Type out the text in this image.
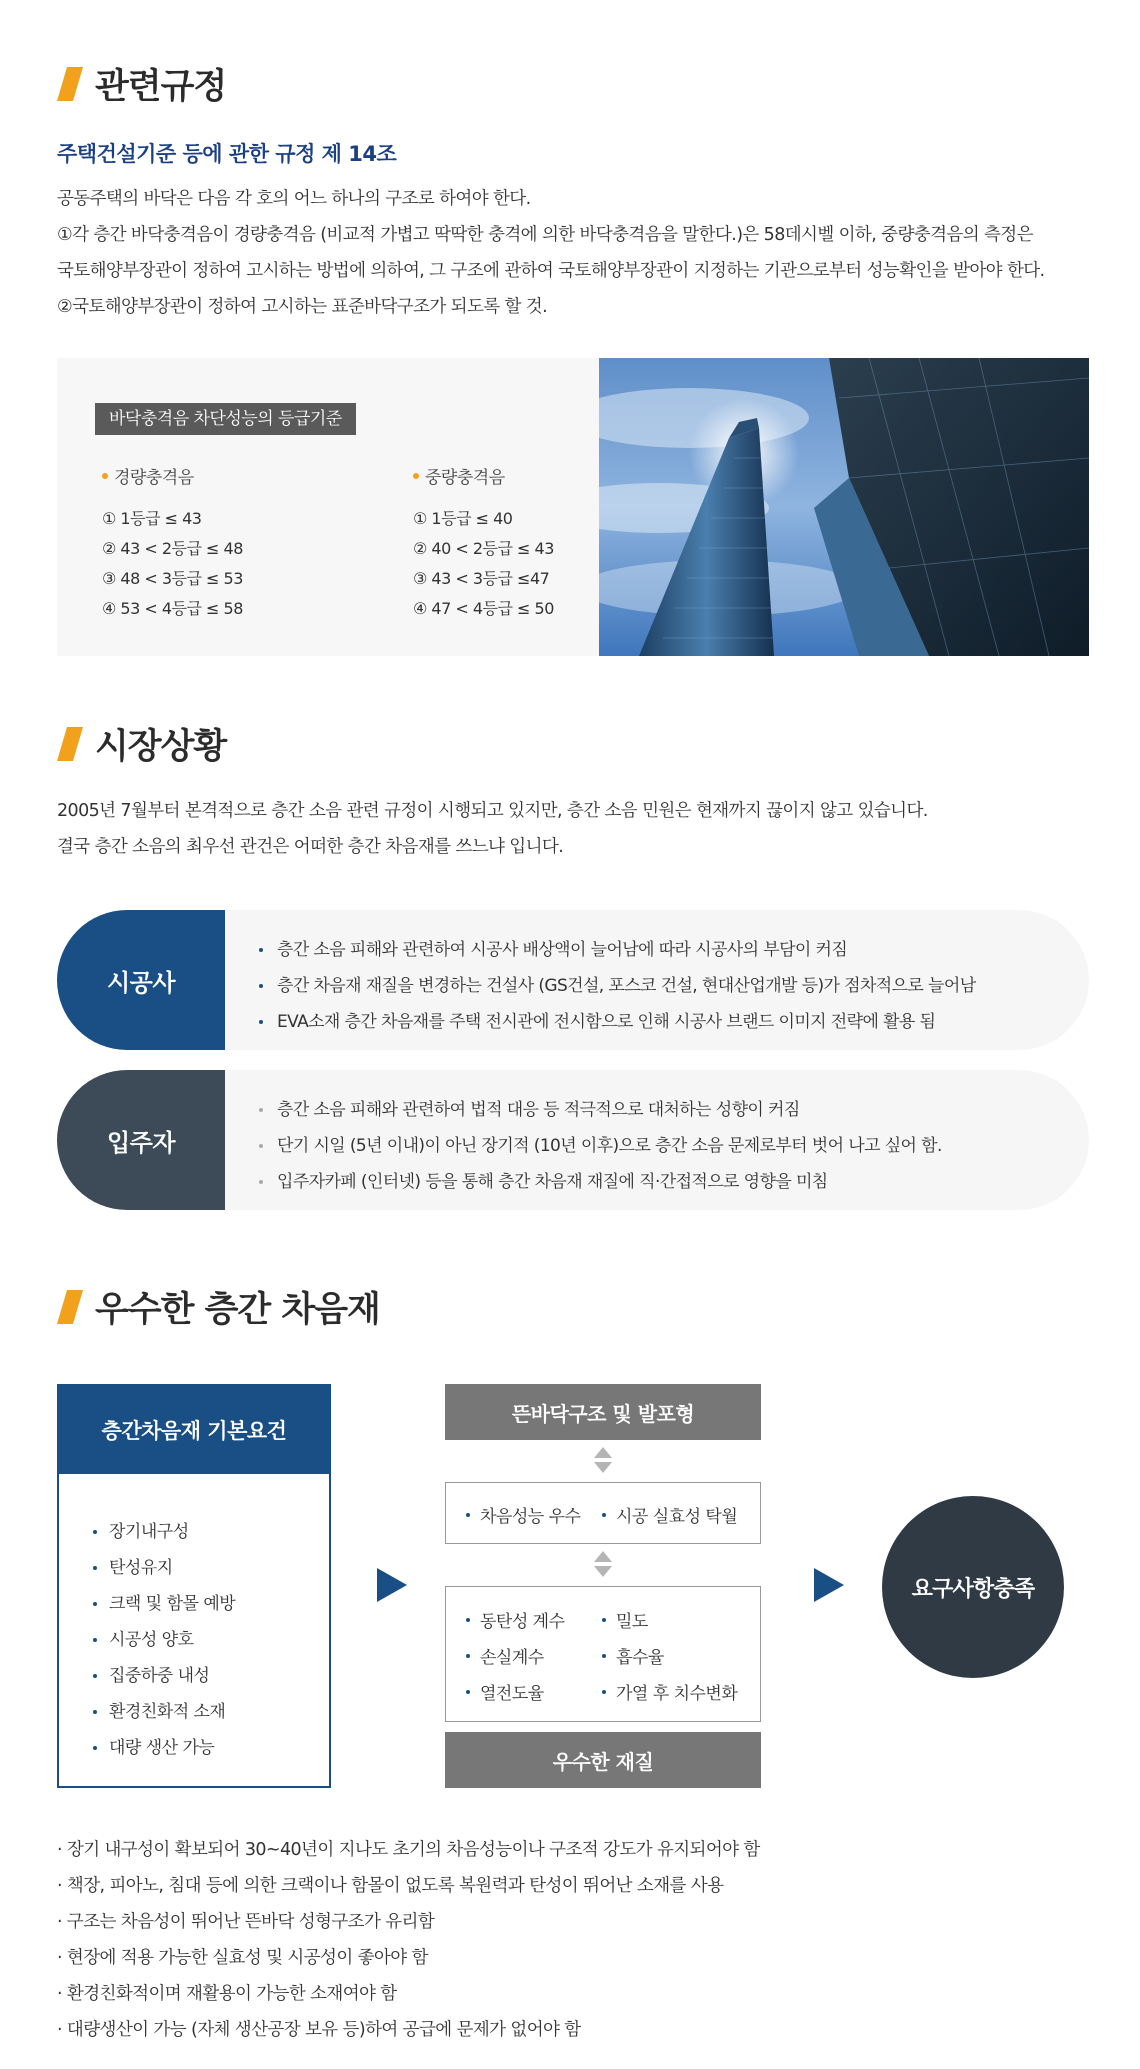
관련규정
주택건설기준 등에 관한 규정 제 14조
공동주택의 바닥은 다음 각 호의 어느 하나의 구조로 하여야 한다.
①각 층간 바닥충격음이 경량충격음 (비교적 가볍고 딱딱한 충격에 의한 바닥충격음을 말한다.)은 58데시벨 이하, 중량충격음의 측정은
국토해양부장관이 정하여 고시하는 방법에 의하여, 그 구조에 관하여 국토해양부장관이 지정하는 기관으로부터 성능확인을 받아야 한다.
②국토해양부장관이 정하여 고시하는 표준바닥구조가 되도록 할 것.
바닥충격음 차단성능의 등급기준
경량충격음
① 1등급 ≤ 43
② 43 < 2등급 ≤ 48
③ 48 < 3등급 ≤ 53
④ 53 < 4등급 ≤ 58
중량충격음
① 1등급 ≤ 40
② 40 < 2등급 ≤ 43
③ 43 < 3등급 ≤47
④ 47 < 4등급 ≤ 50
시장상황
2005년 7월부터 본격적으로 층간 소음 관련 규정이 시행되고 있지만, 층간 소음 민원은 현재까지 끊이지 않고 있습니다.
결국 층간 소음의 최우선 관건은 어떠한 층간 차음재를 쓰느냐 입니다.
시공사
층간 소음 피해와 관련하여 시공사 배상액이 늘어남에 따라 시공사의 부담이 커짐
층간 차음재 재질을 변경하는 건설사 (GS건설, 포스코 건설, 현대산업개발 등)가 점차적으로 늘어남
EVA소재 층간 차음재를 주택 전시관에 전시함으로 인해 시공사 브랜드 이미지 전략에 활용 됨
입주자
층간 소음 피해와 관련하여 법적 대응 등 적극적으로 대처하는 성향이 커짐
단기 시일 (5년 이내)이 아닌 장기적 (10년 이후)으로 층간 소음 문제로부터 벗어 나고 싶어 함.
입주자카페 (인터넷) 등을 통해 층간 차음재 재질에 직·간접적으로 영향을 미침
우수한 층간 차음재
층간차음재 기본요건
장기내구성
탄성유지
크랙 및 함몰 예방
시공성 양호
집중하중 내성
환경친화적 소재
대량 생산 가능
뜬바닥구조 및 발포형
차음성능 우수 시공 실효성 탁월
동탄성 계수	밀도
손실계수	흡수율
열전도율	가열 후 치수변화
우수한 재질
요구사항충족
· 장기 내구성이 확보되어 30~40년이 지나도 초기의 차음성능이나 구조적 강도가 유지되어야 함
· 책장, 피아노, 침대 등에 의한 크랙이나 함몰이 없도록 복원력과 탄성이 뛰어난 소재를 사용
· 구조는 차음성이 뛰어난 뜬바닥 성형구조가 유리함
· 현장에 적용 가능한 실효성 및 시공성이 좋아야 함
· 환경친화적이며 재활용이 가능한 소재여야 함
· 대량생산이 가능 (자체 생산공장 보유 등)하여 공급에 문제가 없어야 함
